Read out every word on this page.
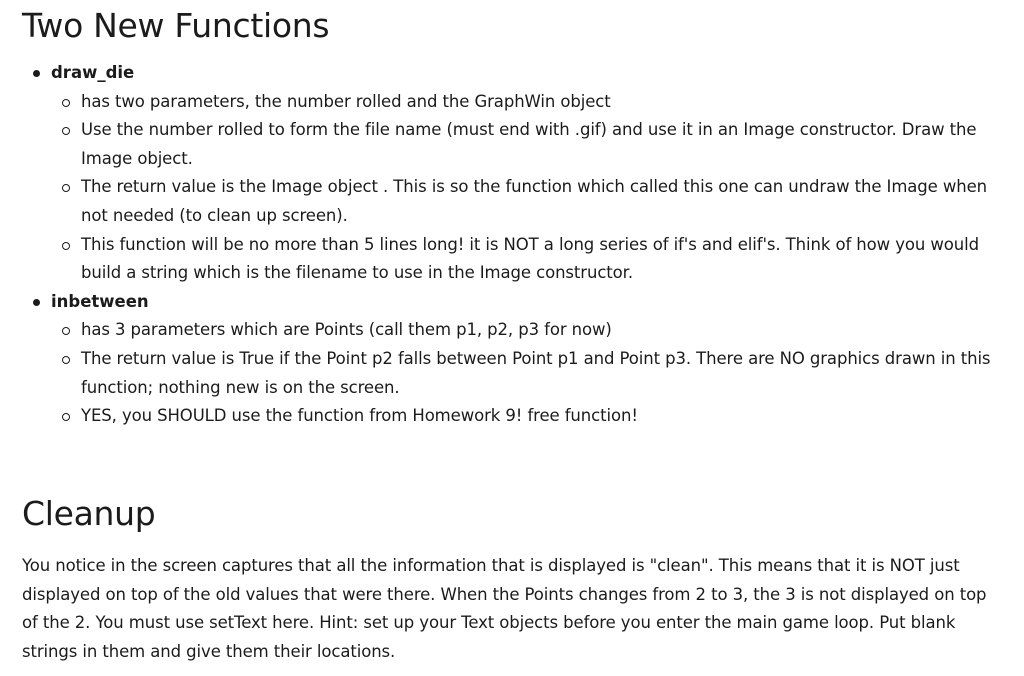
Two New Functions
draw_die
has two parameters, the number rolled and the GraphWin object
Use the number rolled to form the file name (must end with .gif) and use it in an Image constructor. Draw the Image object.
The return value is the Image object . This is so the function which called this one can undraw the Image when not needed (to clean up screen).
This function will be no more than 5 lines long! it is NOT a long series of if's and elif's. Think of how you would build a string which is the filename to use in the Image constructor.
inbetween
has 3 parameters which are Points (call them p1, p2, p3 for now)
The return value is True if the Point p2 falls between Point p1 and Point p3. There are NO graphics drawn in this function; nothing new is on the screen.
YES, you SHOULD use the function from Homework 9! free function!
Cleanup

You notice in the screen captures that all the information that is displayed is "clean". This means that it is NOT just displayed on top of the old values that were there. When the Points changes from 2 to 3, the 3 is not displayed on top of the 2. You must use setText here. Hint: set up your Text objects before you enter the main game loop. Put blank strings in them and give them their locations.
